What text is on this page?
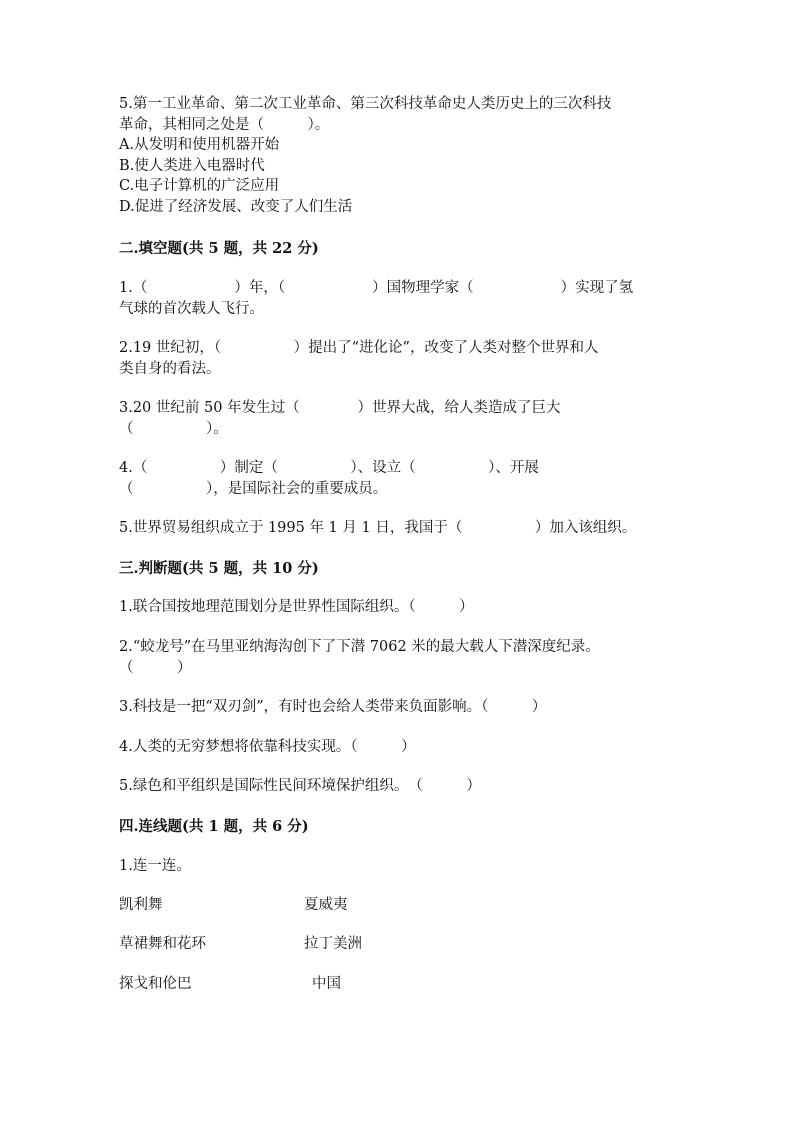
5.第一工业革命、第二次工业革命、第三次科技革命史人类历史上的三次科技
革命，其相同之处是（　　　）。
A.从发明和使用机器开始
B.使人类进入电器时代
C.电子计算机的广泛应用
D.促进了经济发展、改变了人们生活
二.填空题(共 5 题，共 22 分)
1.（　　　　　　）年，（　　　　　　）国物理学家（　　　　　　）实现了氢
气球的首次载人飞行。
2.19 世纪初，（　　　　　）提出了“进化论”，改变了人类对整个世界和人
类自身的看法。
3.20 世纪前 50 年发生过（　　　　）世界大战，给人类造成了巨大
（　　　　　）。
4.（　　　　　）制定（　　　　　）、设立（　　　　　）、开展
（　　　　　），是国际社会的重要成员。
5.世界贸易组织成立于 1995 年 1 月 1 日，我国于（　　　　　）加入该组织。
三.判断题(共 5 题，共 10 分)
1.联合国按地理范围划分是世界性国际组织。（　　　）
2.“蛟龙号”在马里亚纳海沟创下了下潜 7062 米的最大载人下潜深度纪录。
（　　　）
3.科技是一把“双刃剑”，有时也会给人类带来负面影响。（　　　）
4.人类的无穷梦想将依靠科技实现。（　　　）
5.绿色和平组织是国际性民间环境保护组织。　（　　　）
四.连线题(共 1 题，共 6 分)
1.连一连。
凯利舞	夏威夷
草裙舞和花环	拉丁美洲
探戈和伦巴	中国
